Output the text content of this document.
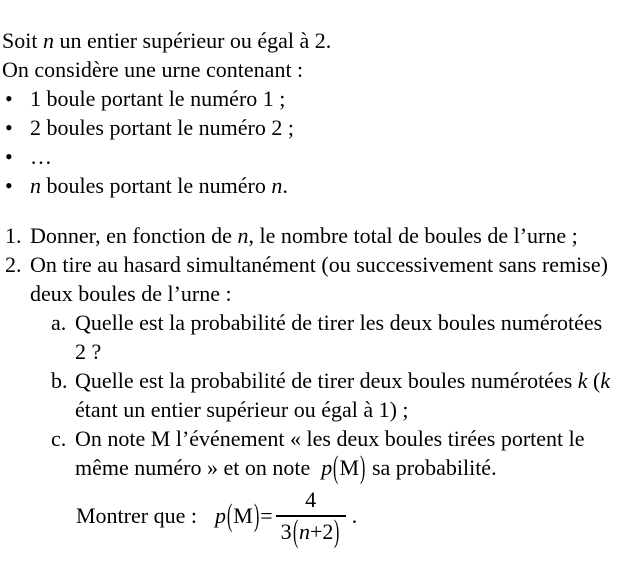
Soit n un entier supérieur ou égal à 2.
On considère une urne contenant :
• 1 boule portant le numéro 1 ;
• 2 boules portant le numéro 2 ;
• …
• n boules portant le numéro n.
1. Donner, en fonction de n, le nombre total de boules de l’urne ;
2. On tire au hasard simultanément (ou successivement sans remise)
deux boules de l’urne :
a. Quelle est la probabilité de tirer les deux boules numérotées
2 ?
b. Quelle est la probabilité de tirer deux boules numérotées k (k
étant un entier supérieur ou égal à 1) ;
c. On note M l’événement « les deux boules tirées portent le
même numéro » et on note  p(M) sa probabilité.
Montrer que : $p(M)= \frac{4}{3(n+2)}$ .
